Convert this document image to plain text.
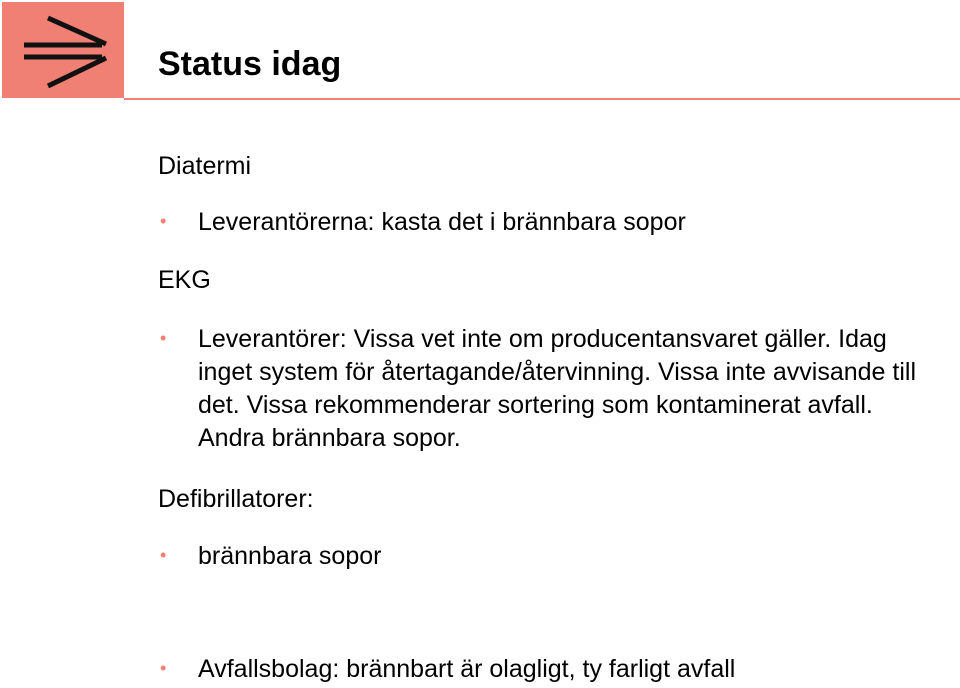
Status idag
Diatermi
• Leverantörerna: kasta det i brännbara sopor
EKG
• Leverantörer: Vissa vet inte om producentansvaret gäller. Idag inget system för återtagande/återvinning. Vissa inte avvisande till det. Vissa rekommenderar sortering som kontaminerat avfall. Andra brännbara sopor.
Defibrillatorer:
• brännbara sopor
• Avfallsbolag: brännbart är olagligt, ty farligt avfall
